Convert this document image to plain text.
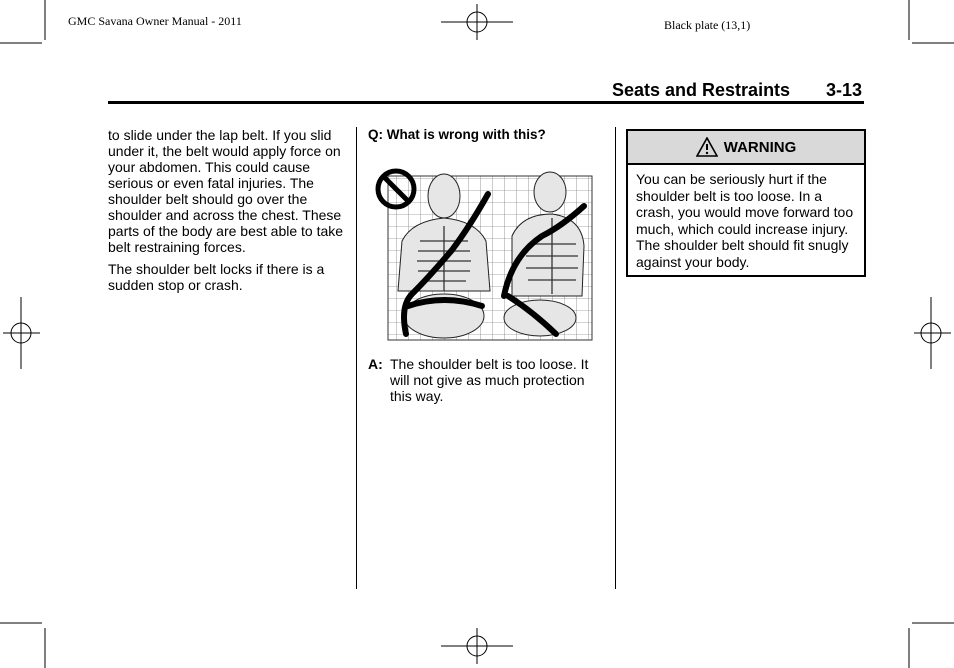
GMC Savana Owner Manual - 2011	Black plate (13,1)
Seats and Restraints 3-13

to slide under the lap belt. If you slid under it, the belt would apply force on your abdomen. This could cause serious or even fatal injuries. The shoulder belt should go over the shoulder and across the chest. These parts of the body are best able to take belt restraining forces.

The shoulder belt locks if there is a sudden stop or crash.

Q: What is wrong with this?
A: The shoulder belt is too loose. It will not give as much protection this way.
WARNING
You can be seriously hurt if the shoulder belt is too loose. In a crash, you would move forward too much, which could increase injury. The shoulder belt should fit snugly against your body.
